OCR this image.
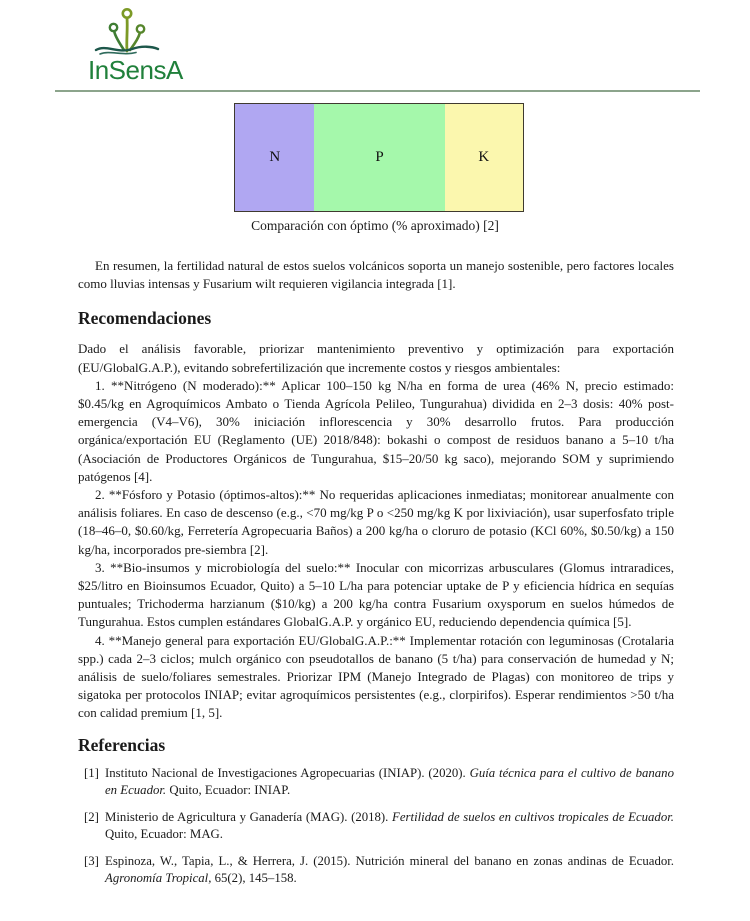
InSensA
N	P	K
Comparación con óptimo (% aproximado) [2]

En resumen, la fertilidad natural de estos suelos volcánicos soporta un manejo sostenible, pero factores locales como lluvias intensas y Fusarium wilt requieren vigilancia integrada [1].

Recomendaciones

Dado el análisis favorable, priorizar mantenimiento preventivo y optimización para exportación (EU/GlobalG.A.P.), evitando sobrefertilización que incremente costos y riesgos ambientales:

1. **Nitrógeno (N moderado):** Aplicar 100–150 kg N/ha en forma de urea (46% N, precio estimado: $0.45/kg en Agroquímicos Ambato o Tienda Agrícola Pelileo, Tungurahua) dividida en 2–3 dosis: 40% post-emergencia (V4–V6), 30% iniciación inflorescencia y 30% desarrollo frutos. Para producción orgánica/exportación EU (Reglamento (UE) 2018/848): bokashi o compost de residuos banano a 5–10 t/ha (Asociación de Productores Orgánicos de Tungurahua, $15–20/50 kg saco), mejorando SOM y suprimiendo patógenos [4].

2. **Fósforo y Potasio (óptimos-altos):** No requeridas aplicaciones inmediatas; monitorear anualmente con análisis foliares. En caso de descenso (e.g., <70 mg/kg P o <250 mg/kg K por lixiviación), usar superfosfato triple (18–46–0, $0.60/kg, Ferretería Agropecuaria Baños) a 200 kg/ha o cloruro de potasio (KCl 60%, $0.50/kg) a 150 kg/ha, incorporados pre-siembra [2].

3. **Bio-insumos y microbiología del suelo:** Inocular con micorrizas arbusculares (Glomus intraradices, $25/litro en Bioinsumos Ecuador, Quito) a 5–10 L/ha para potenciar uptake de P y eficiencia hídrica en sequías puntuales; Trichoderma harzianum ($10/kg) a 200 kg/ha contra Fusarium oxysporum en suelos húmedos de Tungurahua. Estos cumplen estándares GlobalG.A.P. y orgánico EU, reduciendo dependencia química [5].

4. **Manejo general para exportación EU/GlobalG.A.P.:** Implementar rotación con leguminosas (Crotalaria spp.) cada 2–3 ciclos; mulch orgánico con pseudotallos de banano (5 t/ha) para conservación de humedad y N; análisis de suelo/foliares semestrales. Priorizar IPM (Manejo Integrado de Plagas) con monitoreo de trips y sigatoka per protocolos INIAP; evitar agroquímicos persistentes (e.g., clorpirifos). Esperar rendimientos >50 t/ha con calidad premium [1, 5].

Referencias
[1] Instituto Nacional de Investigaciones Agropecuarias (INIAP). (2020). Guía técnica para el cultivo de banano en Ecuador. Quito, Ecuador: INIAP.
[2] Ministerio de Agricultura y Ganadería (MAG). (2018). Fertilidad de suelos en cultivos tropicales de Ecuador. Quito, Ecuador: MAG.
[3] Espinoza, W., Tapia, L., & Herrera, J. (2015). Nutrición mineral del banano en zonas andinas de Ecuador. Agronomía Tropical, 65(2), 145–158.
